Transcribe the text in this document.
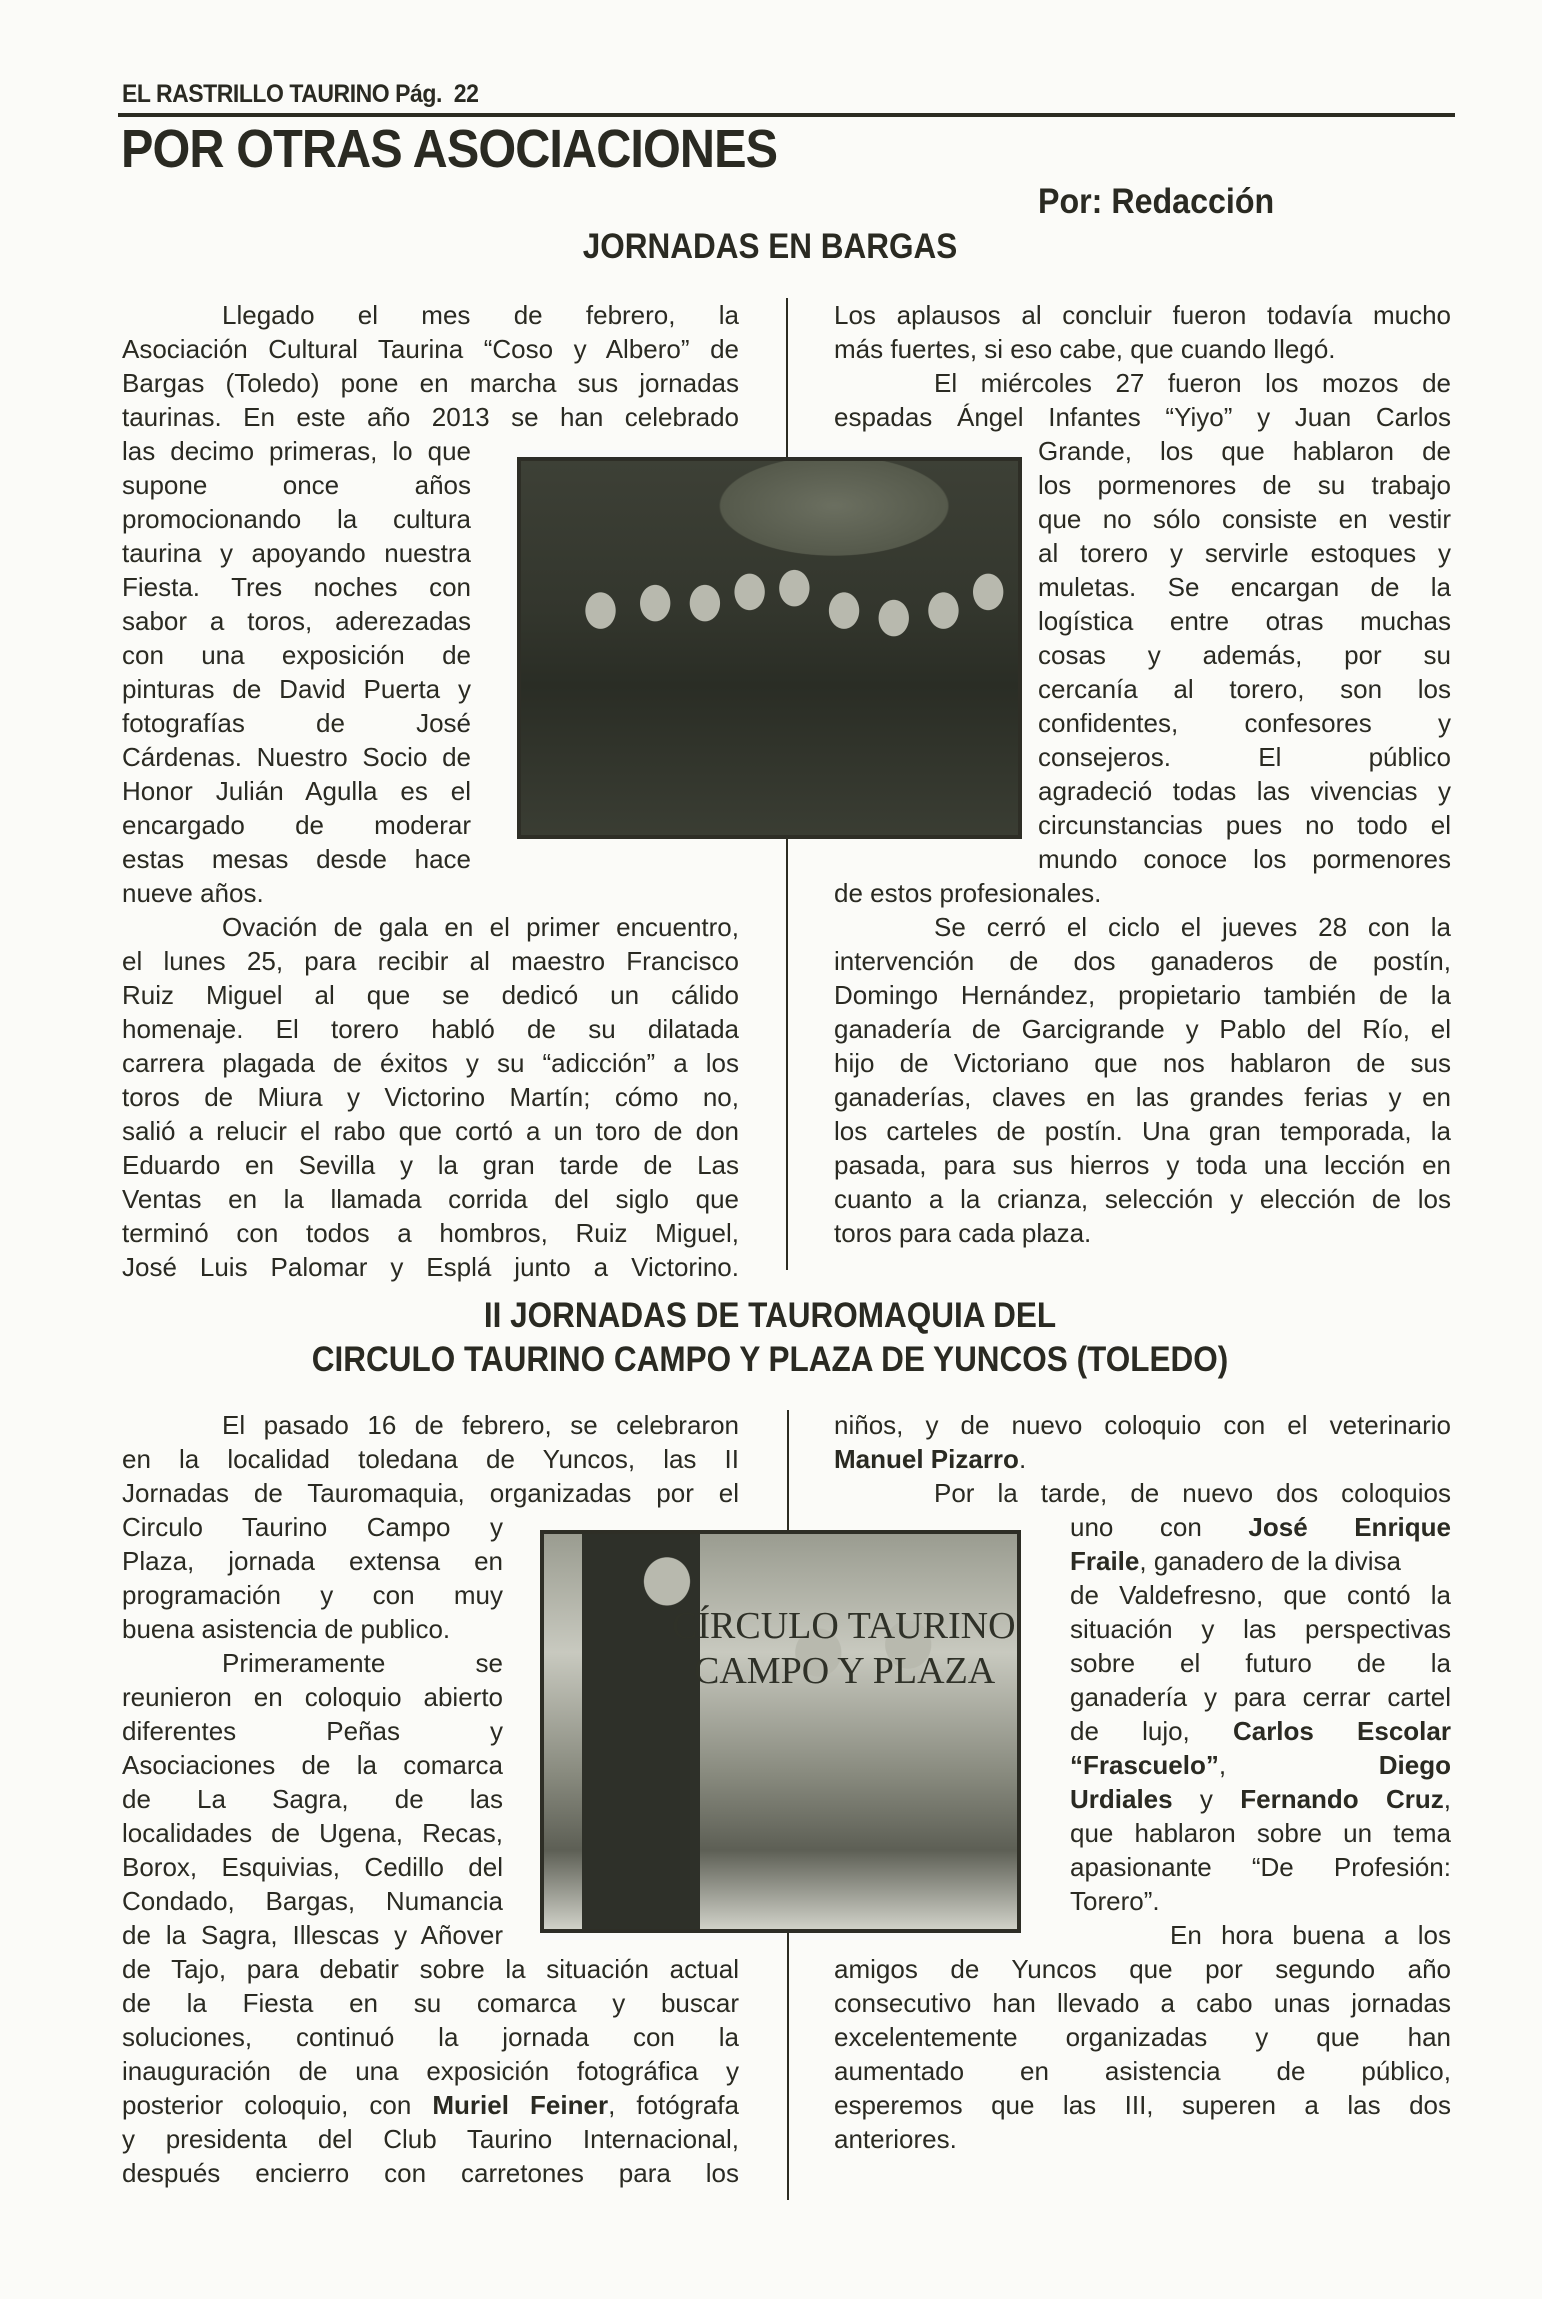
EL RASTRILLO TAURINO Pág. 22
POR OTRAS ASOCIACIONES
Por: Redacción
JORNADAS EN BARGAS
Llegado el mes de febrero, la
Asociación Cultural Taurina “Coso y Albero” de
Bargas (Toledo) pone en marcha sus jornadas
taurinas. En este año 2013 se han celebrado
las decimo primeras, lo que
supone once años
promocionando la cultura
taurina y apoyando nuestra
Fiesta. Tres noches con
sabor a toros, aderezadas
con una exposición de
pinturas de David Puerta y
fotografías de José
Cárdenas. Nuestro Socio de
Honor Julián Agulla es el
encargado de moderar
estas mesas desde hace
nueve años.
Ovación de gala en el primer encuentro,
el lunes 25, para recibir al maestro Francisco
Ruiz Miguel al que se dedicó un cálido
homenaje. El torero habló de su dilatada
carrera plagada de éxitos y su “adicción” a los
toros de Miura y Victorino Martín; cómo no,
salió a relucir el rabo que cortó a un toro de don
Eduardo en Sevilla y la gran tarde de Las
Ventas en la llamada corrida del siglo que
terminó con todos a hombros, Ruiz Miguel,
José Luis Palomar y Esplá junto a Victorino.
Los aplausos al concluir fueron todavía mucho
más fuertes, si eso cabe, que cuando llegó.
El miércoles 27 fueron los mozos de
espadas Ángel Infantes “Yiyo” y Juan Carlos
Grande, los que hablaron de
los pormenores de su trabajo
que no sólo consiste en vestir
al torero y servirle estoques y
muletas. Se encargan de la
logística entre otras muchas
cosas y además, por su
cercanía al torero, son los
confidentes, confesores y
consejeros. El público
agradeció todas las vivencias y
circunstancias pues no todo el
mundo conoce los pormenores
de estos profesionales.
Se cerró el ciclo el jueves 28 con la
intervención de dos ganaderos de postín,
Domingo Hernández, propietario también de la
ganadería de Garcigrande y Pablo del Río, el
hijo de Victoriano que nos hablaron de sus
ganaderías, claves en las grandes ferias y en
los carteles de postín. Una gran temporada, la
pasada, para sus hierros y toda una lección en
cuanto a la crianza, selección y elección de los
toros para cada plaza.
II JORNADAS DE TAUROMAQUIA DEL
CIRCULO TAURINO CAMPO Y PLAZA DE YUNCOS (TOLEDO)
El pasado 16 de febrero, se celebraron
en la localidad toledana de Yuncos, las II
Jornadas de Tauromaquia, organizadas por el
Circulo Taurino Campo y
Plaza, jornada extensa en
programación y con muy
buena asistencia de publico.
Primeramente se
reunieron en coloquio abierto
diferentes Peñas y
Asociaciones de la comarca
de La Sagra, de las
localidades de Ugena, Recas,
Borox, Esquivias, Cedillo del
Condado, Bargas, Numancia
de la Sagra, Illescas y Añover
de Tajo, para debatir sobre la situación actual
de la Fiesta en su comarca y buscar
soluciones, continuó la jornada con la
inauguración de una exposición fotográfica y
posterior coloquio, con Muriel Feiner, fotógrafa
y presidenta del Club Taurino Internacional,
después encierro con carretones para los
niños, y de nuevo coloquio con el veterinario
Manuel Pizarro.
Por la tarde, de nuevo dos coloquios
uno con José Enrique
Fraile, ganadero de la divisa
de Valdefresno, que contó la
situación y las perspectivas
sobre el futuro de la
ganadería y para cerrar cartel
de lujo, Carlos Escolar
“Frascuelo”,	Diego
Urdiales y Fernando Cruz,
que hablaron sobre un tema
apasionante “De Profesión:
Torero”.
En hora buena a los
amigos de Yuncos que por segundo año
consecutivo han llevado a cabo unas jornadas
excelentemente organizadas y que han
aumentado en asistencia de público,
esperemos que las III, superen a las dos
anteriores.
CÍRCULO TAURINO
CAMPO Y PLAZA
